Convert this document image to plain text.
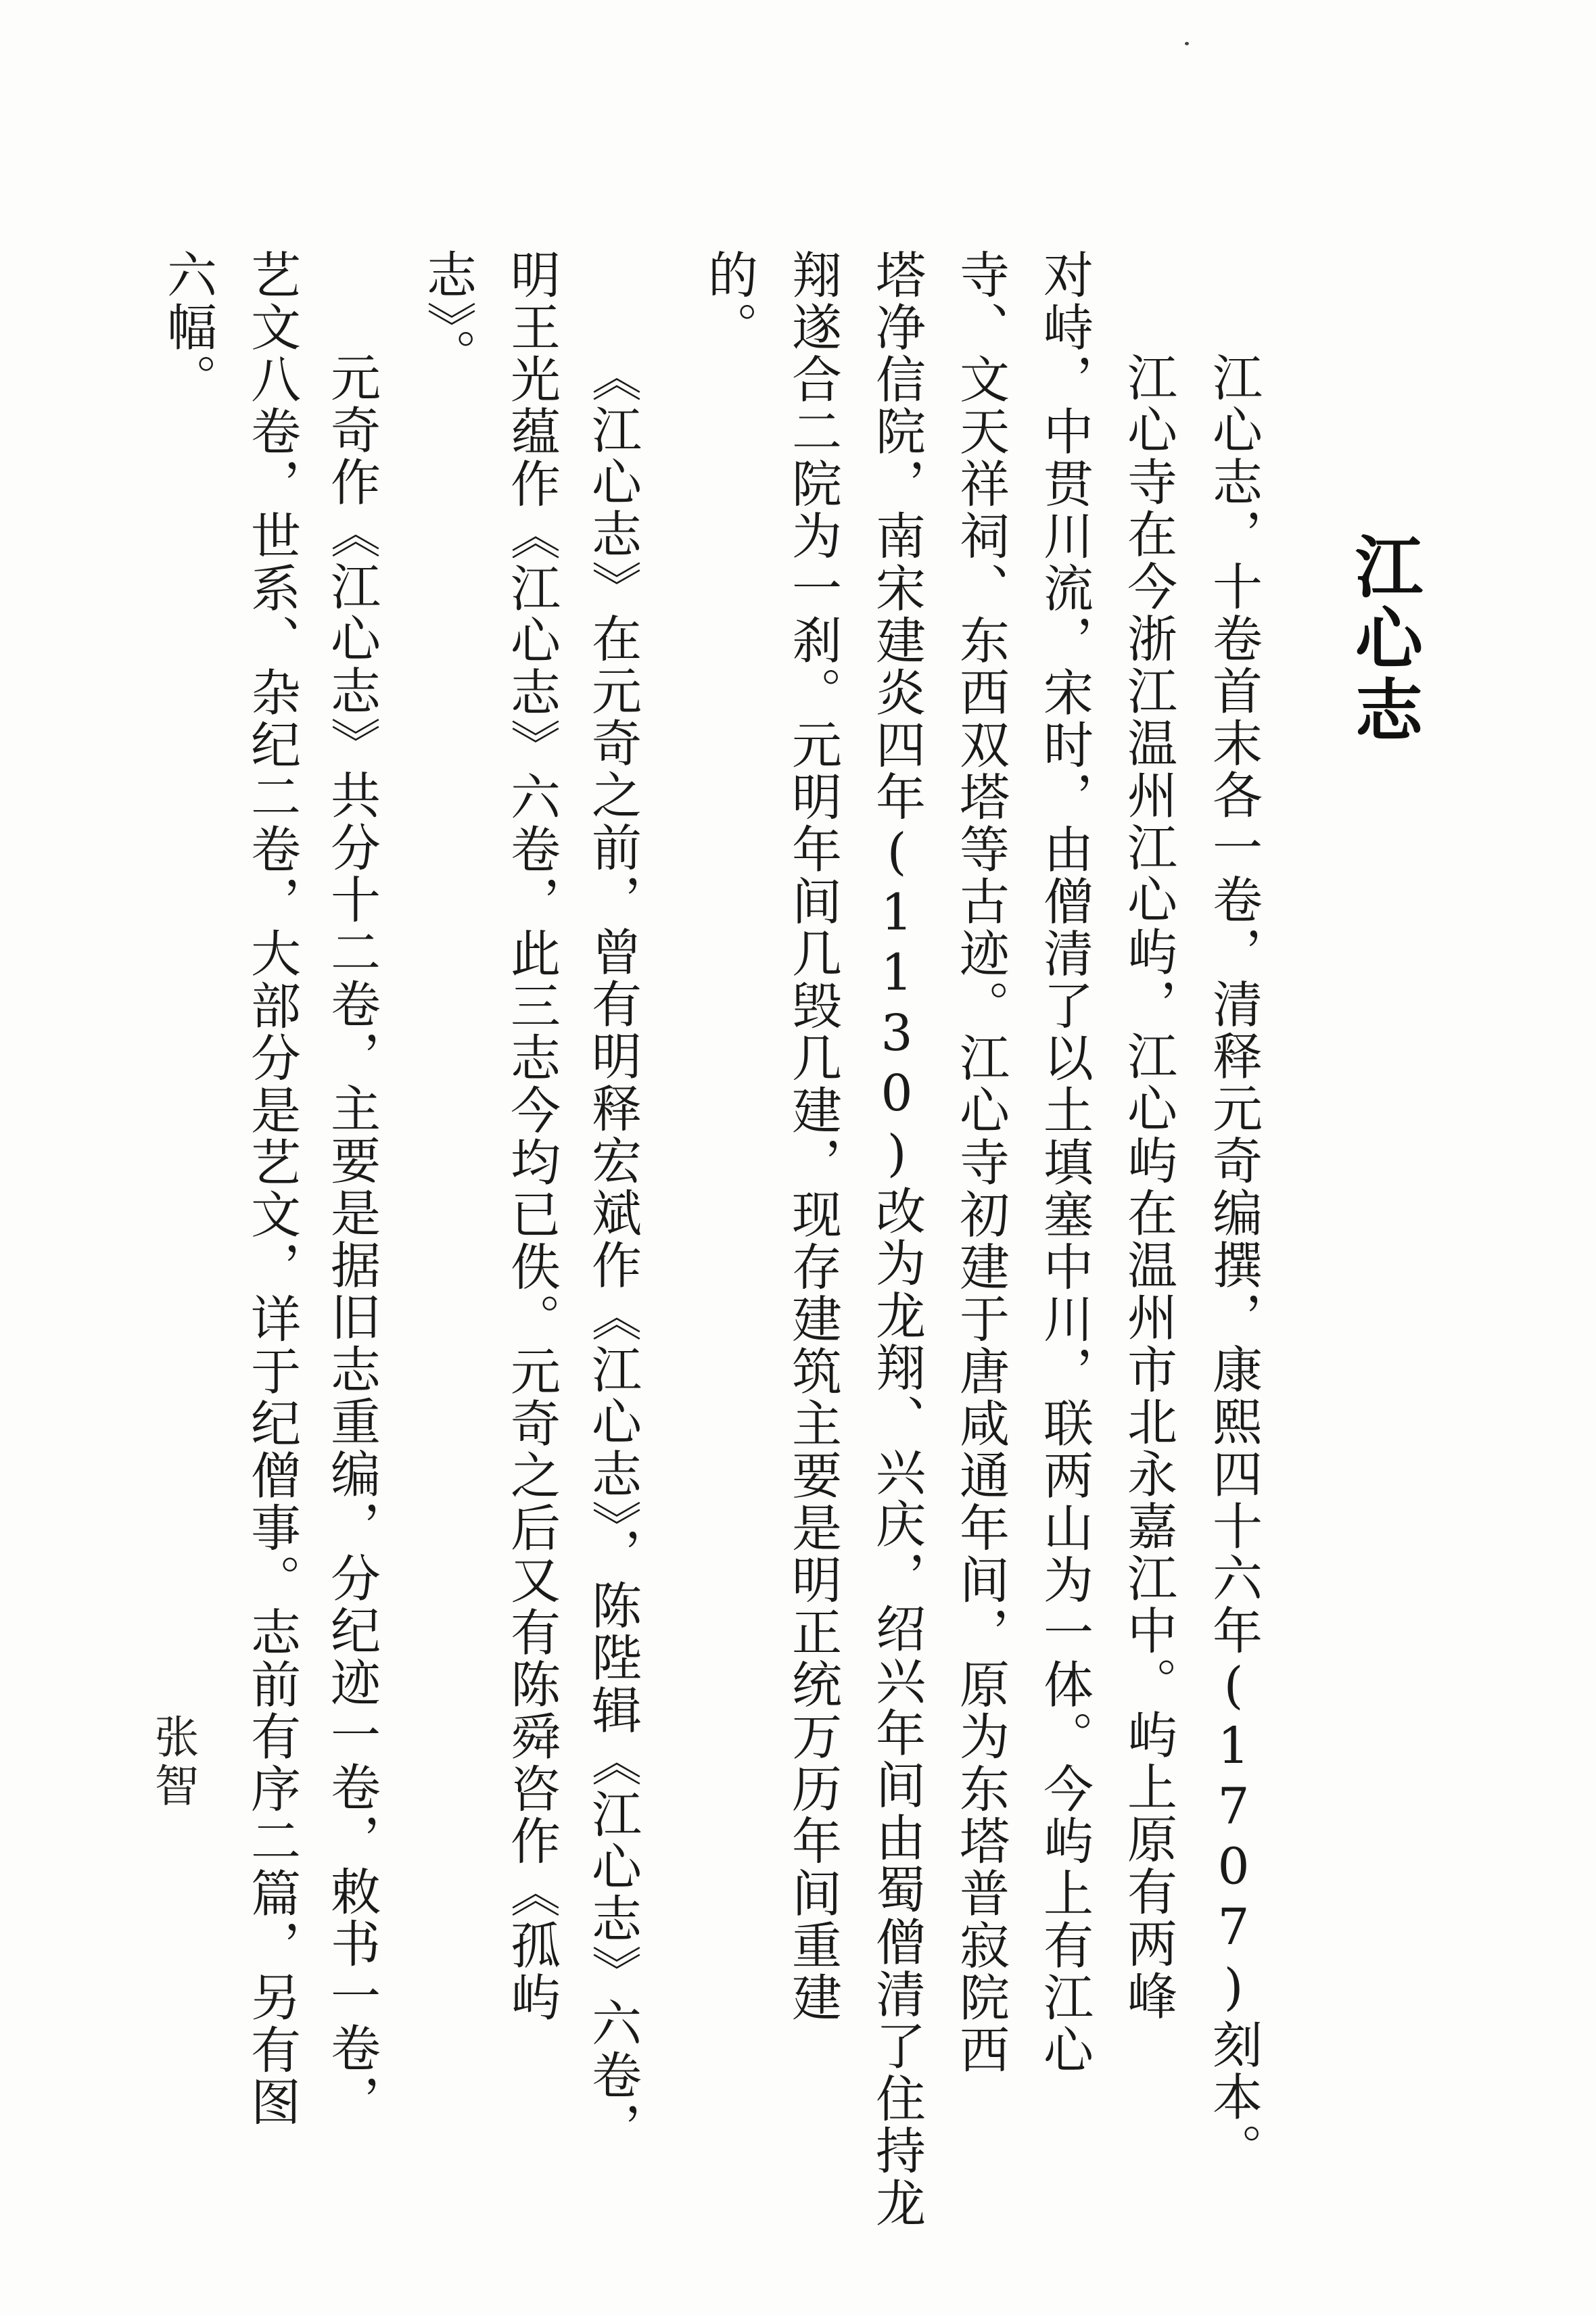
江心志
江心志，十卷首末各一卷，清释元奇编撰，康熙四十六年(1707)刻本。
江心寺在今浙江温州江心屿，江心屿在温州市北永嘉江中。屿上原有两峰
对峙，中贯川流，宋时，由僧清了以土填塞中川，联两山为一体。今屿上有江心
寺、文天祥祠、东西双塔等古迹。江心寺初建于唐咸通年间，原为东塔普寂院西
塔净信院，南宋建炎四年(1130)改为龙翔、兴庆，绍兴年间由蜀僧清了住持龙
翔遂合二院为一刹。元明年间几毁几建，现存建筑主要是明正统万历年间重建
的。
《江心志》在元奇之前，曾有明释宏斌作《江心志》，陈陛辑《江心志》六卷，
明王光蕴作《江心志》六卷，此三志今均已佚。元奇之后又有陈舜咨作《孤屿
志》。
元奇作《江心志》共分十二卷，主要是据旧志重编，分纪迹一卷，敕书一卷，
艺文八卷，世系、杂纪二卷，大部分是艺文，详于纪僧事。志前有序二篇，另有图
六幅。
张智
